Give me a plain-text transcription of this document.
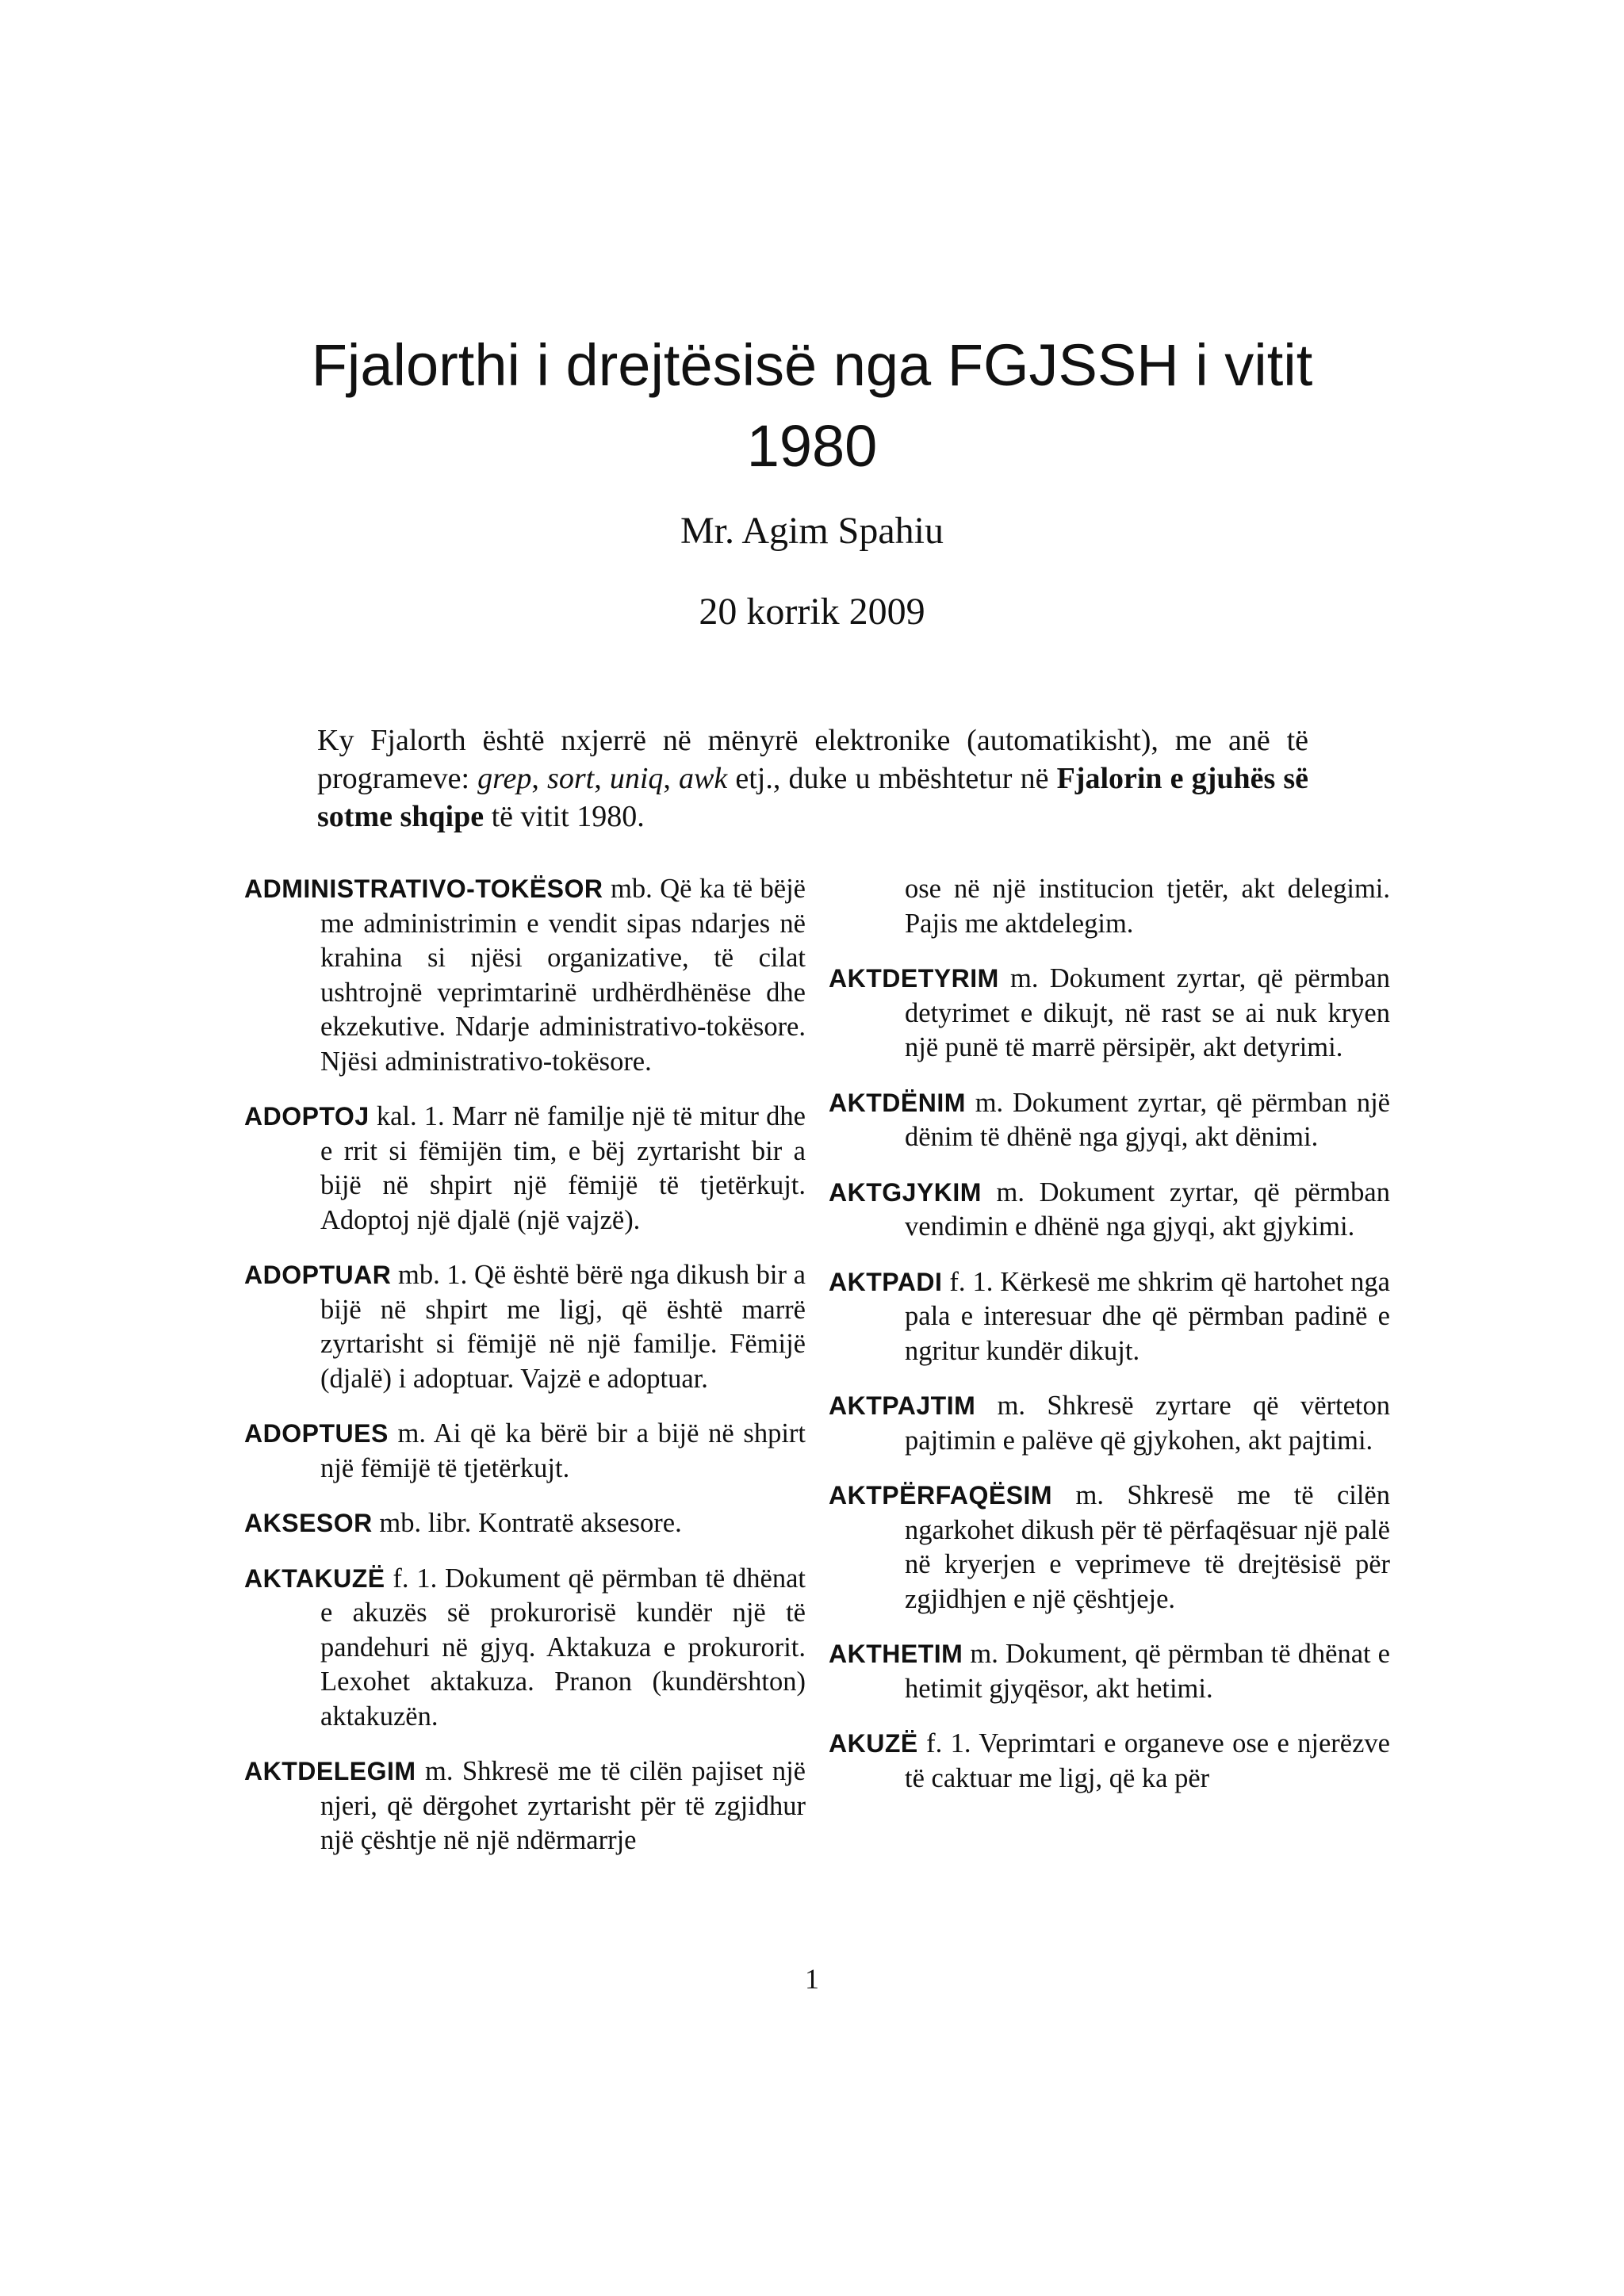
Fjalorthi i drejtësisë nga FGJSSH i vitit
1980
Mr. Agim Spahiu
20 korrik 2009
Ky Fjalorth është nxjerrë në mënyrë elektronike (automatikisht), me anë të programeve: grep, sort, uniq, awk etj., duke u mbështetur në Fjalorin e gjuhës së sotme shqipe të vitit 1980.

ADMINISTRATIVO-TOKËSOR mb. Që ka të bëjë me administrimin e vendit sipas ndarjes në krahina si njësi organizative, të cilat ushtrojnë veprimtarinë urdhërdhënëse dhe ekzekutive. Ndarje administrativo-tokësore. Njësi administrativo-tokësore.

ADOPTOJ kal. 1. Marr në familje një të mitur dhe e rrit si fëmijën tim, e bëj zyrtarisht bir a bijë në shpirt një fëmijë të tjetërkujt. Adoptoj një djalë (një vajzë).

ADOPTUAR mb. 1. Që është bërë nga dikush bir a bijë në shpirt me ligj, që është marrë zyrtarisht si fëmijë në një familje. Fëmijë (djalë) i adoptuar. Vajzë e adoptuar.

ADOPTUES m. Ai që ka bërë bir a bijë në shpirt një fëmijë të tjetërkujt.

AKSESOR mb. libr. Kontratë aksesore.

AKTAKUZË f. 1. Dokument që përmban të dhënat e akuzës së prokurorisë kundër një të pandehuri në gjyq. Aktakuza e prokurorit. Lexohet aktakuza. Pranon (kundërshton) aktakuzën.

AKTDELEGIM m. Shkresë me të cilën pajiset një njeri, që dërgohet zyrtarisht për të zgjidhur një çështje në një ndërmarrje

ose në një institucion tjetër, akt delegimi. Pajis me aktdelegim.

AKTDETYRIM m. Dokument zyrtar, që përmban detyrimet e dikujt, në rast se ai nuk kryen një punë të marrë përsipër, akt detyrimi.

AKTDËNIM m. Dokument zyrtar, që përmban një dënim të dhënë nga gjyqi, akt dënimi.

AKTGJYKIM m. Dokument zyrtar, që përmban vendimin e dhënë nga gjyqi, akt gjykimi.

AKTPADI f. 1. Kërkesë me shkrim që hartohet nga pala e interesuar dhe që përmban padinë e ngritur kundër dikujt.

AKTPAJTIM m. Shkresë zyrtare që vërteton pajtimin e palëve që gjykohen, akt pajtimi.

AKTPËRFAQËSIM m. Shkresë me të cilën ngarkohet dikush për të përfaqësuar një palë në kryerjen e veprimeve të drejtësisë për zgjidhjen e një çështjeje.

AKTHETIM m. Dokument, që përmban të dhënat e hetimit gjyqësor, akt hetimi.

AKUZË f. 1. Veprimtari e organeve ose e njerëzve të caktuar me ligj, që ka për

1
